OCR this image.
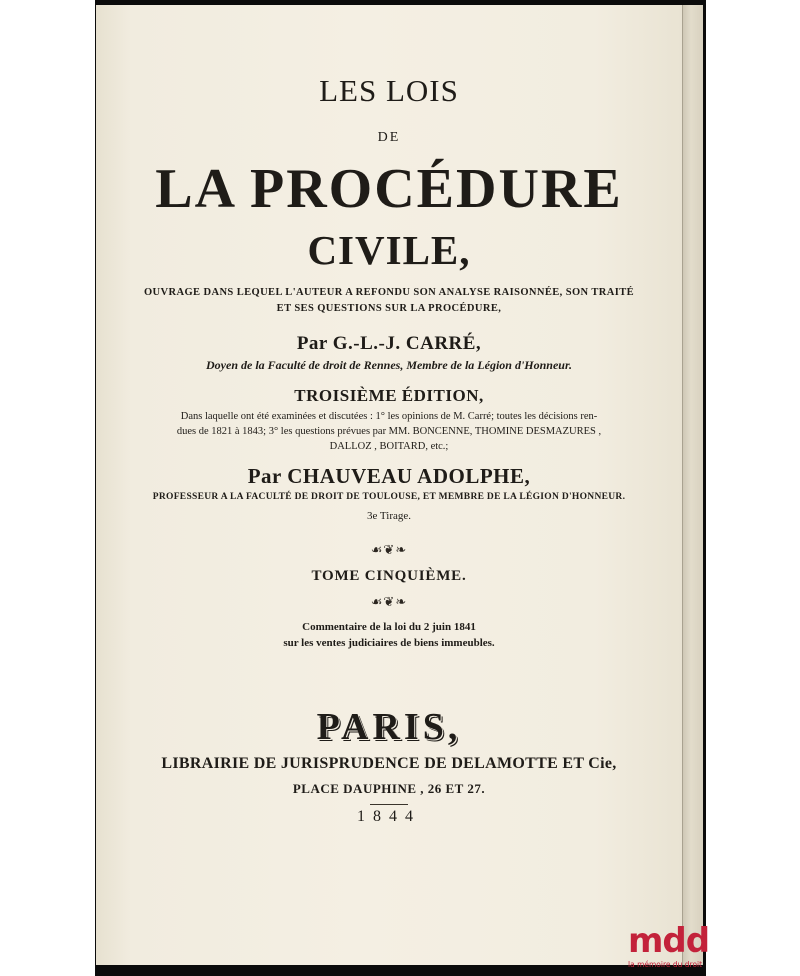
LES LOIS

DE

LA PROCÉDURE

CIVILE,

OUVRAGE DANS LEQUEL L'AUTEUR A REFONDU SON ANALYSE RAISONNÉE, SON TRAITÉ

ET SES QUESTIONS SUR LA PROCÉDURE,

Par G.-L.-J. CARRÉ,

Doyen de la Faculté de droit de Rennes, Membre de la Légion d'Honneur.

TROISIÈME ÉDITION,

Dans laquelle ont été examinées et discutées : 1° les opinions de M. Carré; toutes les décisions ren-

dues de 1821 à 1843; 3° les questions prévues par MM. BONCENNE, THOMINE DESMAZURES ,

DALLOZ , BOITARD, etc.;

Par CHAUVEAU ADOLPHE,

PROFESSEUR A LA FACULTÉ DE DROIT DE TOULOUSE, ET MEMBRE DE LA LÉGION D'HONNEUR.

3e Tirage.

☙❦❧

TOME CINQUIÈME.

☙❦❧

Commentaire de la loi du 2 juin 1841

sur les ventes judiciaires de biens immeubles.

PARIS,

LIBRAIRIE DE JURISPRUDENCE DE DELAMOTTE ET Cie,

PLACE DAUPHINE , 26 ET 27.

1844

mdd
la mémoire du droit
